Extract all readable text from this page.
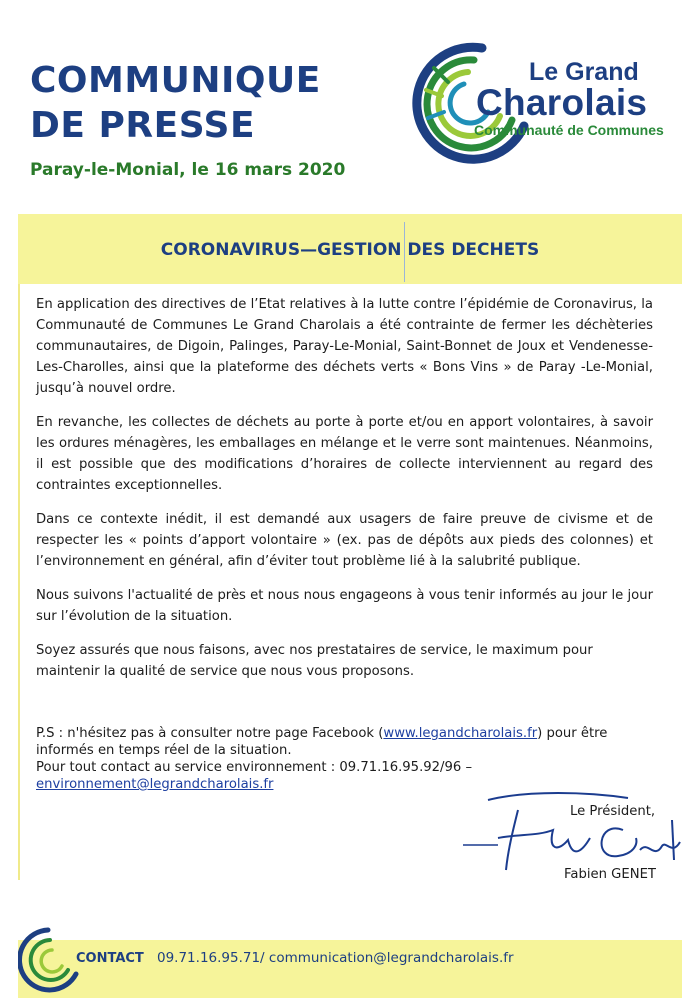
COMMUNIQUE
DE PRESSE
Paray-le-Monial, le 16 mars 2020
Le Grand
Charolais
Communauté de Communes
CORONAVIRUS—GESTION DES DECHETS

En application des directives de l’Etat relatives à la lutte contre l’épidémie de Coronavirus, la Communauté de Communes Le Grand Charolais a été contrainte de fermer les déchèteries communautaires, de Digoin, Palinges, Paray-Le-Monial, Saint-Bonnet de Joux et Vendenesse-Les-Charolles, ainsi que la plateforme des déchets verts « Bons Vins » de Paray -Le-Monial, jusqu’à nouvel ordre.

En revanche, les collectes de déchets au porte à porte et/ou en apport volontaires, à savoir les ordures ménagères, les emballages en mélange et le verre sont maintenues. Néanmoins, il est possible que des modifications d’horaires de collecte interviennent au regard des contraintes exceptionnelles.

Dans ce contexte inédit, il est demandé aux usagers de faire preuve de civisme et de respecter les « points d’apport volontaire » (ex. pas de dépôts aux pieds des colonnes) et l’environnement en général, afin d’éviter tout problème lié à la salubrité publique.

Nous suivons l'actualité de près et nous nous engageons à vous tenir informés au jour le jour sur l’évolution de la situation.

Soyez assurés que nous faisons, avec nos prestataires de service, le maximum pour maintenir la qualité de service que nous vous proposons.

P.S : n'hésitez pas à consulter notre page Facebook (www.legandcharolais.fr) pour être
informés en temps réel de la situation.
Pour tout contact au service environnement : 09.71.16.95.92/96 –
environnement@legrandcharolais.fr
Le Président,
Fabien GENET
CONTACT 09.71.16.95.71/ communication@legrandcharolais.fr
